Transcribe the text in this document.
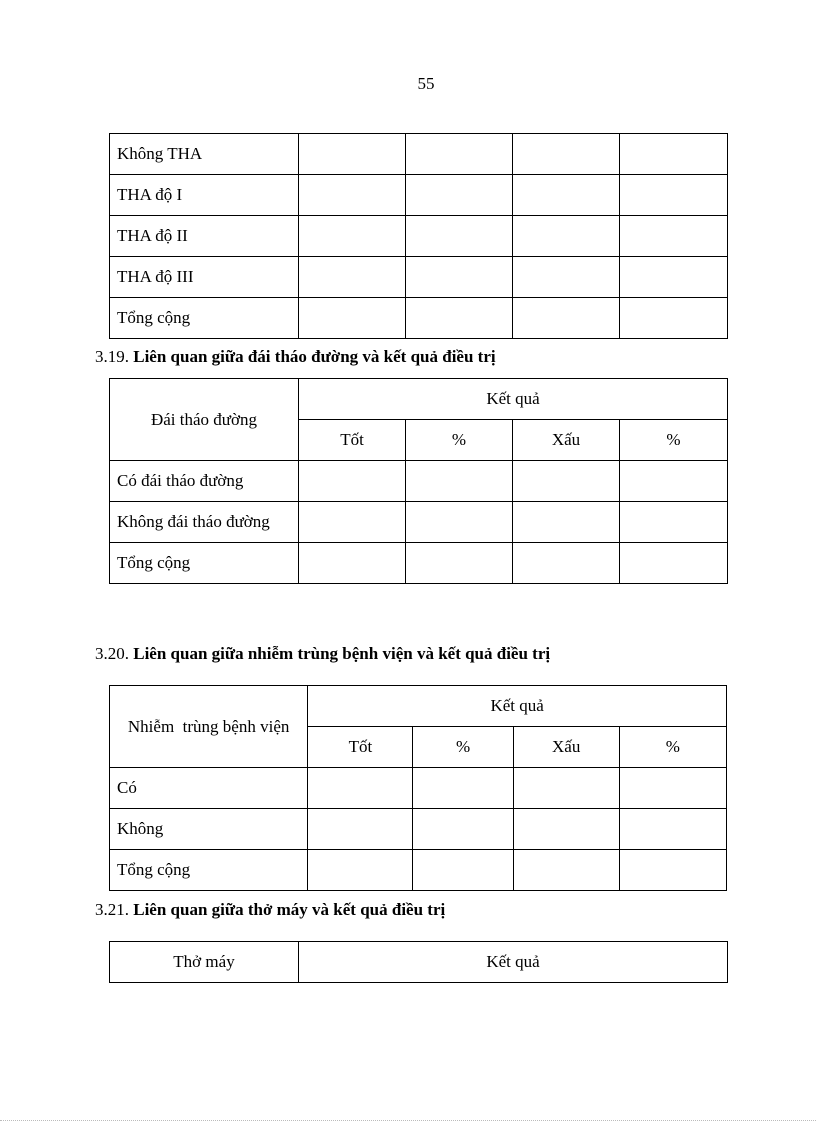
55
Không THA				
THA độ I				
THA độ II				
THA độ III				
Tổng cộng				
3.19. Liên quan giữa đái tháo đường và kết quả điều trị
Đái tháo đường	Kết quả			
	Tốt	%	Xấu	%
Có đái tháo đường				
Không đái tháo đường				
Tổng cộng				
3.20. Liên quan giữa nhiễm trùng bệnh viện và kết quả điều trị
Nhiễm  trùng bệnh viện	Kết quả			
	Tốt	%	Xấu	%
Có				
Không				
Tổng cộng				
3.21. Liên quan giữa thở máy và kết quả điều trị
Thở máy	Kết quả
